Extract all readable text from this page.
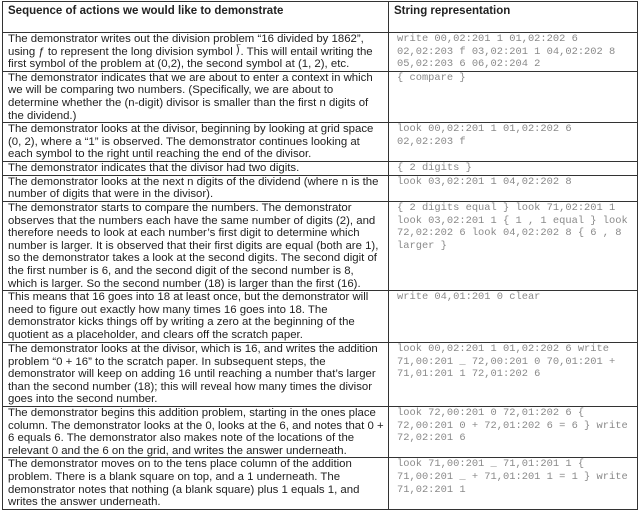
Sequence of actions we would like to demonstrate	String representation
The demonstrator writes out the division problem “16 divided by 1862”, using ƒ to represent the long division symbol ⟌. This will entail writing the first symbol of the problem at (0,2), the second symbol at (1, 2), etc.	write 00,02:201 1 01,02:202 6 02,02:203 f 03,02:201 1 04,02:202 8 05,02:203 6 06,02:204 2
The demonstrator indicates that we are about to enter a context in which we will be comparing two numbers. (Specifically, we are about to determine whether the (n-digit) divisor is smaller than the first n digits of the dividend.)	{ compare }
The demonstrator looks at the divisor, beginning by looking at grid space (0, 2), where a “1” is observed. The demonstrator continues looking at each symbol to the right until reaching the end of the divisor.	look 00,02:201 1 01,02:202 6 02,02:203 f
The demonstrator indicates that the divisor had two digits.	{ 2 digits }
The demonstrator looks at the next n digits of the dividend (where n is the number of digits that were in the divisor).	look 03,02:201 1 04,02:202 8
The demonstrator starts to compare the numbers. The demonstrator observes that the numbers each have the same number of digits (2), and therefore needs to look at each number’s first digit to determine which number is larger. It is observed that their first digits are equal (both are 1), so the demonstrator takes a look at the second digits. The second digit of the first number is 6, and the second digit of the second number is 8, which is larger. So the second number (18) is larger than the first (16).	{ 2 digits equal } look 71,02:201 1 look 03,02:201 1 { 1 , 1 equal } look 72,02:202 6 look 04,02:202 8 { 6 , 8 larger }
This means that 16 goes into 18 at least once, but the demonstrator will need to figure out exactly how many times 16 goes into 18. The demonstrator kicks things off by writing a zero at the beginning of the quotient as a placeholder, and clears off the scratch paper.	write 04,01:201 0 clear
The demonstrator looks at the divisor, which is 16, and writes the addition problem “0 + 16” to the scratch paper. In subsequent steps, the demonstrator will keep on adding 16 until reaching a number that’s larger than the second number (18); this will reveal how many times the divisor goes into the second number.	look 00,02:201 1 01,02:202 6 write 71,00:201 _ 72,00:201 0 70,01:201 + 71,01:201 1 72,01:202 6
The demonstrator begins this addition problem, starting in the ones place column. The demonstrator looks at the 0, looks at the 6, and notes that 0 + 6 equals 6. The demonstrator also makes note of the locations of the relevant 0 and the 6 on the grid, and writes the answer underneath.	look 72,00:201 0 72,01:202 6 { 72,00:201 0 + 72,01:202 6 = 6 } write 72,02:201 6
The demonstrator moves on to the tens place column of the addition problem. There is a blank square on top, and a 1 underneath. The demonstrator notes that nothing (a blank square) plus 1 equals 1, and writes the answer underneath.	look 71,00:201 _ 71,01:201 1 { 71,00:201 _ + 71,01:201 1 = 1 } write 71,02:201 1
